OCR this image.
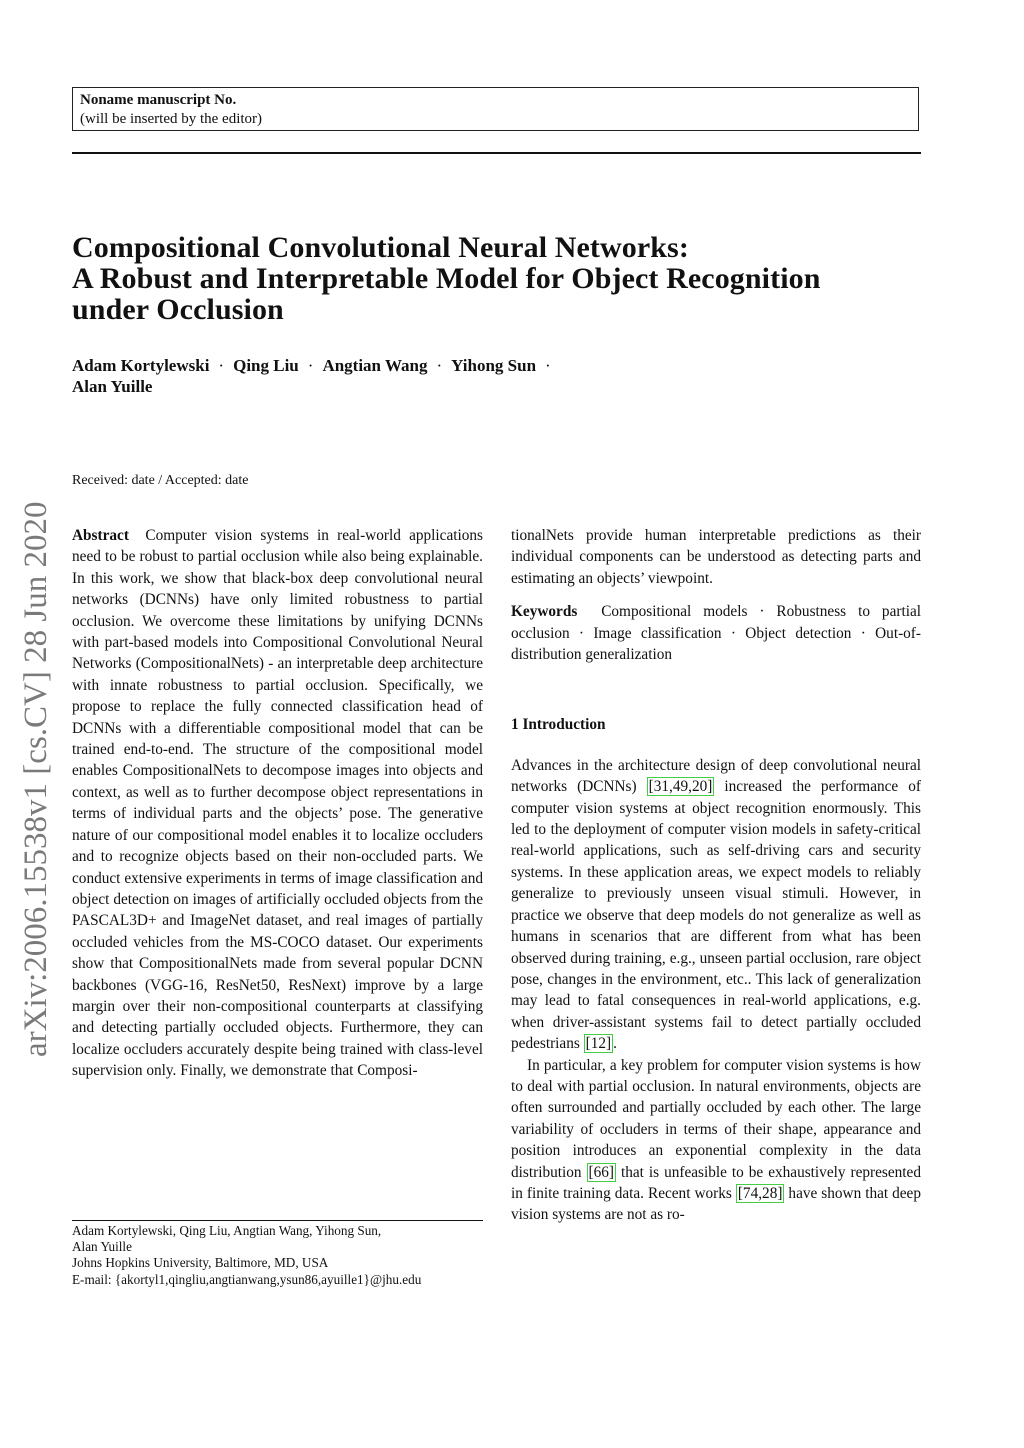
Noname manuscript No.
(will be inserted by the editor)
Compositional Convolutional Neural Networks:
A Robust and Interpretable Model for Object Recognition
under Occlusion
Adam Kortylewski · Qing Liu · Angtian Wang · Yihong Sun ·
Alan Yuille
Received: date / Accepted: date
arXiv:2006.15538v1 [cs.CV] 28 Jun 2020 Abstract Computer vision systems in real-world applications need to be robust to partial occlusion while also being explainable. In this work, we show that black-box deep convolutional neural networks (DCNNs) have only limited robustness to partial occlusion. We overcome these limitations by unifying DCNNs with part-based models into Compositional Convolutional Neural Networks (CompositionalNets) - an interpretable deep architecture with innate robustness to partial occlusion. Specifically, we propose to replace the fully connected classification head of DCNNs with a differentiable compositional model that can be trained end-to-end. The structure of the compositional model enables CompositionalNets to decompose images into objects and context, as well as to further decompose object representations in terms of individual parts and the objects’ pose. The generative nature of our compositional model enables it to localize occluders and to recognize objects based on their non-occluded parts. We conduct extensive experiments in terms of image classification and object detection on images of artificially occluded objects from the PASCAL3D+ and ImageNet dataset, and real images of partially occluded vehicles from the MS-COCO dataset. Our experiments show that CompositionalNets made from several popular DCNN backbones (VGG-16, ResNet50, ResNext) improve by a large margin over their non-compositional counterparts at classifying and detecting partially occluded objects. Furthermore, they can localize occluders accurately despite being trained with class-level supervision only. Finally, we demonstrate that Composi-

Adam Kortylewski, Qing Liu, Angtian Wang, Yihong Sun,
Alan Yuille
Johns Hopkins University, Baltimore, MD, USA
E-mail: {akortyl1,qingliu,angtianwang,ysun86,ayuille1}@jhu.edu

tionalNets provide human interpretable predictions as their individual components can be understood as detecting parts and estimating an objects’ viewpoint.

Keywords Compositional models · Robustness to partial occlusion · Image classification · Object detection · Out-of-distribution generalization

1 Introduction

Advances in the architecture design of deep convolutional neural networks (DCNNs) [31,49,20] increased the performance of computer vision systems at object recognition enormously. This led to the deployment of computer vision models in safety-critical real-world applications, such as self-driving cars and security systems. In these application areas, we expect models to reliably generalize to previously unseen visual stimuli. However, in practice we observe that deep models do not generalize as well as humans in scenarios that are different from what has been observed during training, e.g., unseen partial occlusion, rare object pose, changes in the environment, etc.. This lack of generalization may lead to fatal consequences in real-world applications, e.g. when driver-assistant systems fail to detect partially occluded pedestrians [12] .

In particular, a key problem for computer vision systems is how to deal with partial occlusion. In natural environments, objects are often surrounded and partially occluded by each other. The large variability of occluders in terms of their shape, appearance and position introduces an exponential complexity in the data distribution [66] that is unfeasible to be exhaustively represented in finite training data. Recent works [74,28] have shown that deep vision systems are not as ro-
